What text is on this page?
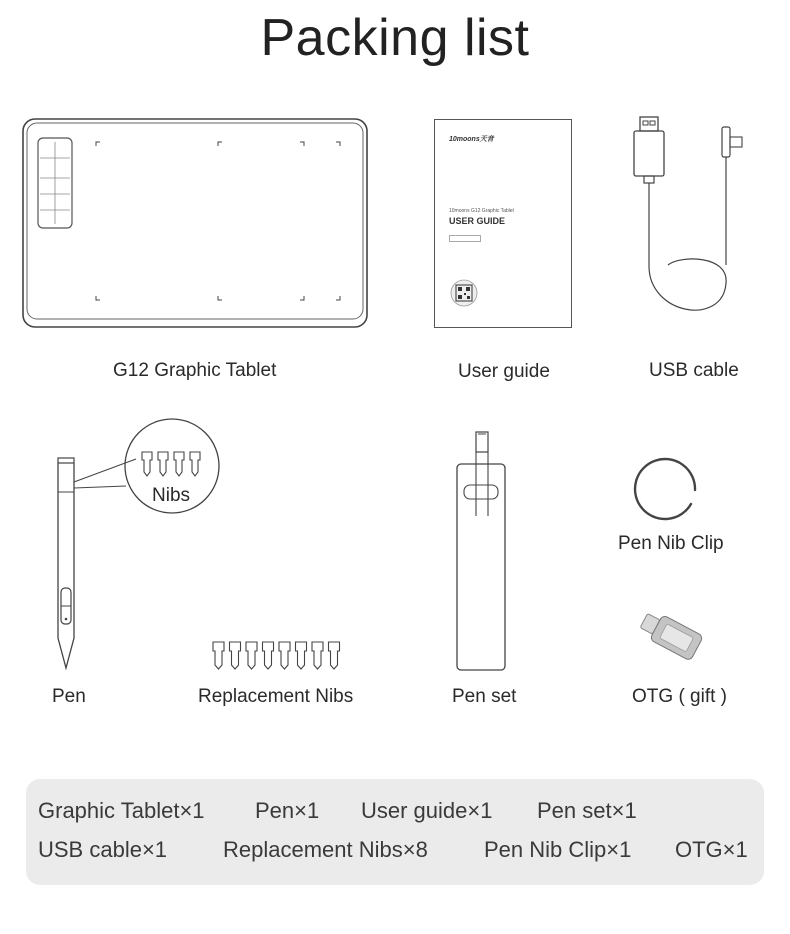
Packing list
G12 Graphic Tablet
10moons天音
10moons G12 Graphic Tablet
USER GUIDE
User guide	USB cable
Nibs
Pen	Replacement Nibs	Pen set
Pen Nib Clip
OTG ( gift )
Graphic Tablet×1 Pen×1 User guide×1 Pen set×1
USB cable×1	Replacement Nibs×8	Pen Nib Clip×1 OTG×1
